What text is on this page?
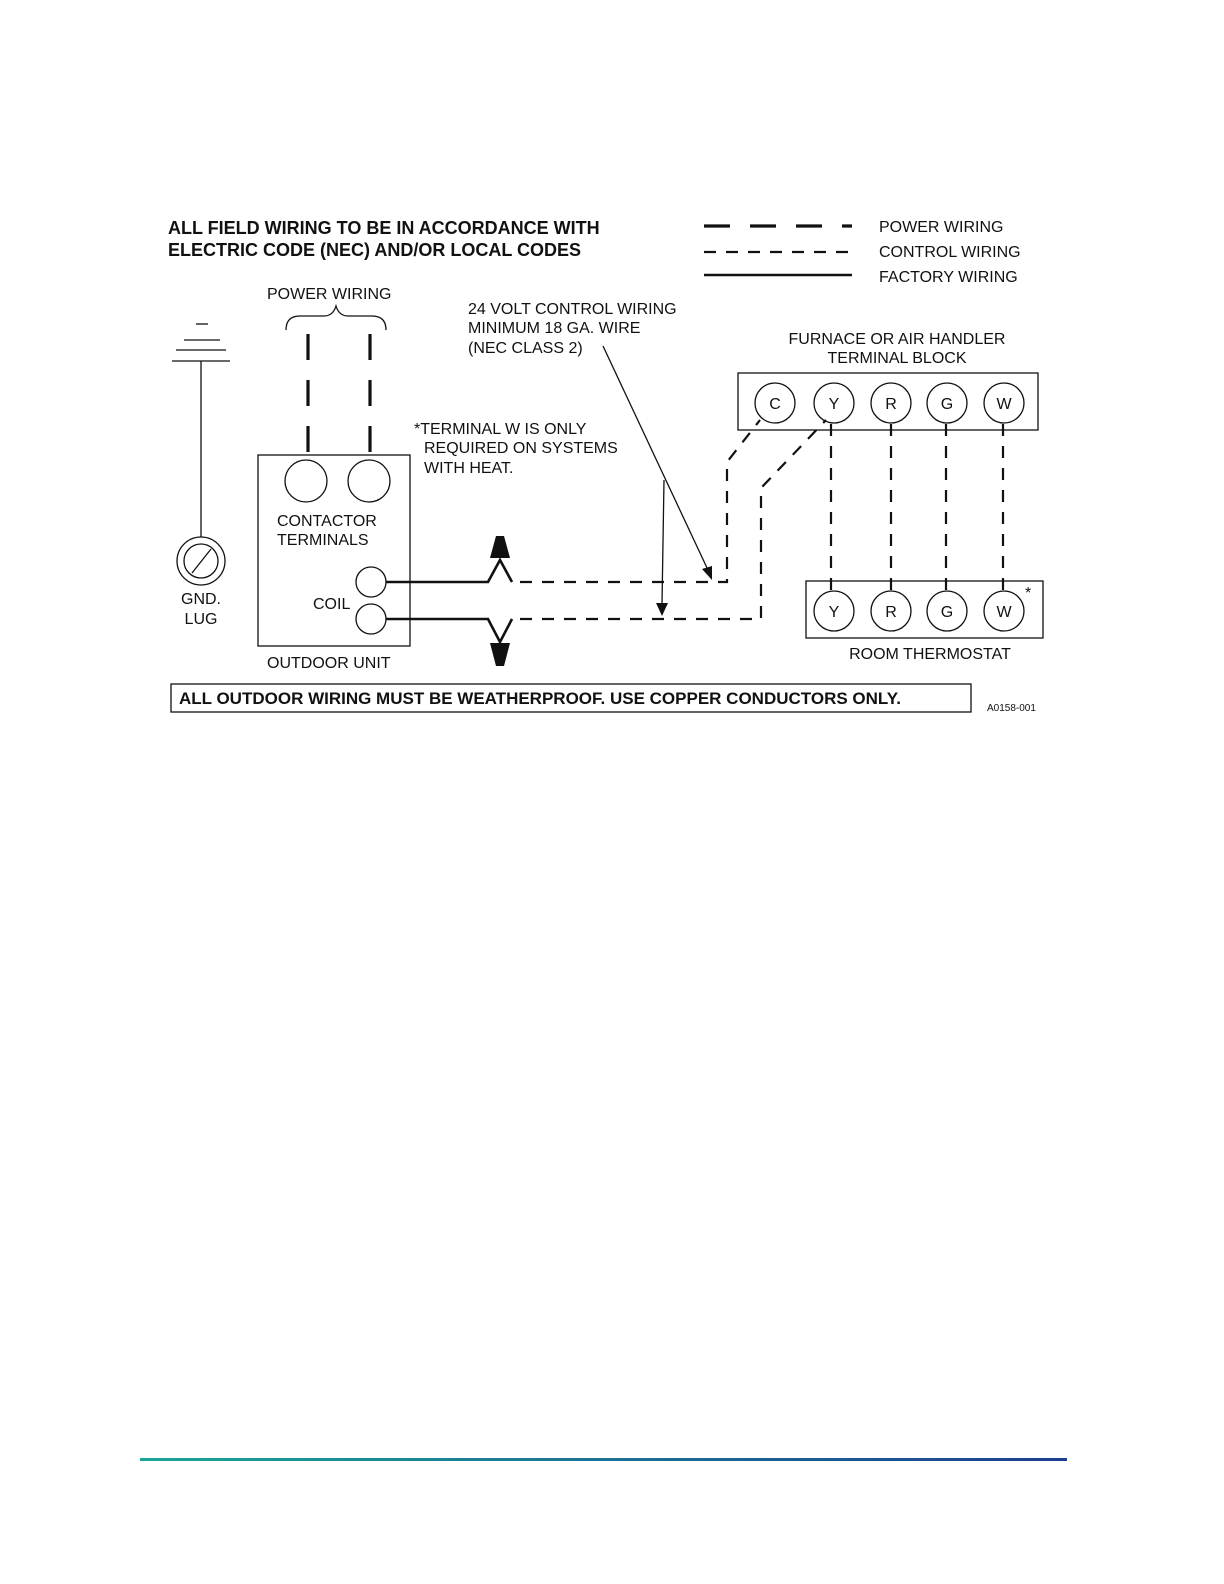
ALL FIELD WIRING TO BE IN ACCORDANCE WITH
ELECTRIC CODE (NEC) AND/OR LOCAL CODES
POWER WIRING
CONTROL WIRING
FACTORY WIRING
POWER WIRING
GND.
LUG
CONTACTOR
TERMINALS
COIL
OUTDOOR UNIT
24 VOLT CONTROL WIRING
MINIMUM 18 GA. WIRE
(NEC CLASS 2)
*TERMINAL W IS ONLY
REQUIRED ON SYSTEMS
WITH HEAT.
FURNACE OR AIR HANDLER
TERMINAL BLOCK
C	Y	R	G	W
Y	R	G	W
*
ROOM THERMOSTAT
ALL OUTDOOR WIRING MUST BE WEATHERPROOF. USE COPPER CONDUCTORS ONLY.
A0158-001
